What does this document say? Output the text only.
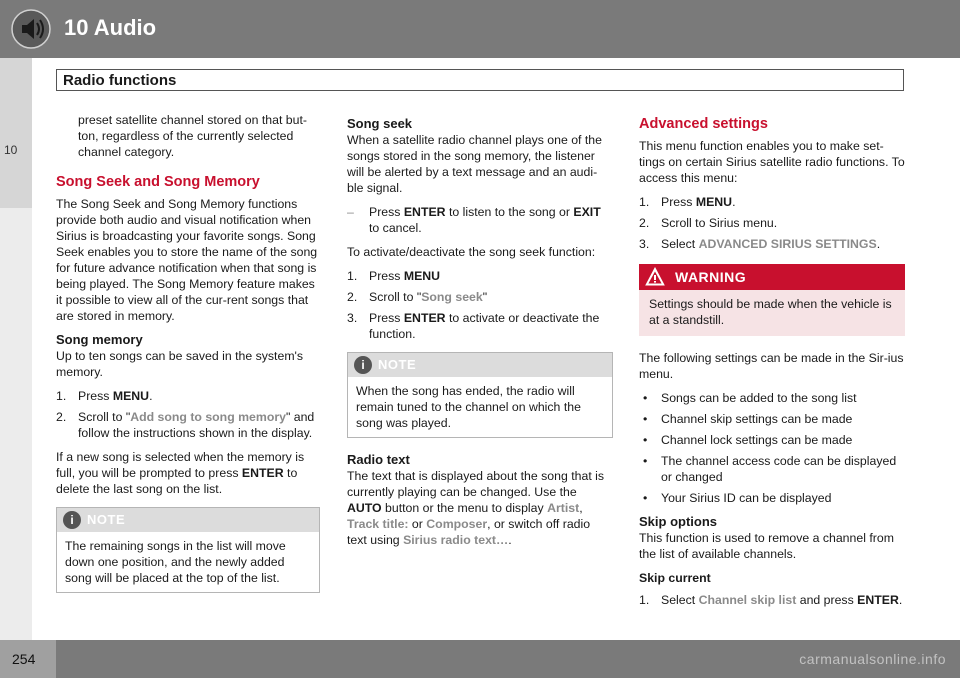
10 Audio
10
Radio functions

preset satellite channel stored on that but-ton, regardless of the currently selected channel category.

Song Seek and Song Memory

The Song Seek and Song Memory functions provide both audio and visual notification when Sirius is broadcasting your favorite songs. Song Seek enables you to store the name of the song for future advance notification when that song is being played. The Song Memory feature makes it possible to view all of the cur-rent songs that are stored in memory.

Song memory

Up to ten songs can be saved in the system's memory.

1. Press MENU.
2. Scroll to "Add song to song memory" and follow the instructions shown in the display.

If a new song is selected when the memory is full, you will be prompted to press ENTER to delete the last song on the list.

i	NOTE
The remaining songs in the list will move down one position, and the newly added song will be placed at the top of the list.
Song seek

When a satellite radio channel plays one of the songs stored in the song memory, the listener will be alerted by a text message and an audi-ble signal.

– Press ENTER to listen to the song or EXIT to cancel.

To activate/deactivate the song seek function:

1. Press MENU
2. Scroll to "Song seek"
3. Press ENTER to activate or deactivate the function.
i	NOTE
When the song has ended, the radio will remain tuned to the channel on which the song was played.
Radio text

The text that is displayed about the song that is currently playing can be changed. Use the AUTO button or the menu to display Artist, Track title: or Composer, or switch off radio text using Sirius radio text….

Advanced settings

This menu function enables you to make set-tings on certain Sirius satellite radio functions. To access this menu:

1. Press MENU.
2. Scroll to Sirius menu.
3. Select ADVANCED SIRIUS SETTINGS.
WARNING
Settings should be made when the vehicle is at a standstill.

The following settings can be made in the Sir-ius menu.

• Songs can be added to the song list
• Channel skip settings can be made
• Channel lock settings can be made
• The channel access code can be displayed or changed
• Your Sirius ID can be displayed
Skip options

This function is used to remove a channel from the list of available channels.

Skip current
1. Select Channel skip list and press ENTER.
254	carmanualsonline.info
